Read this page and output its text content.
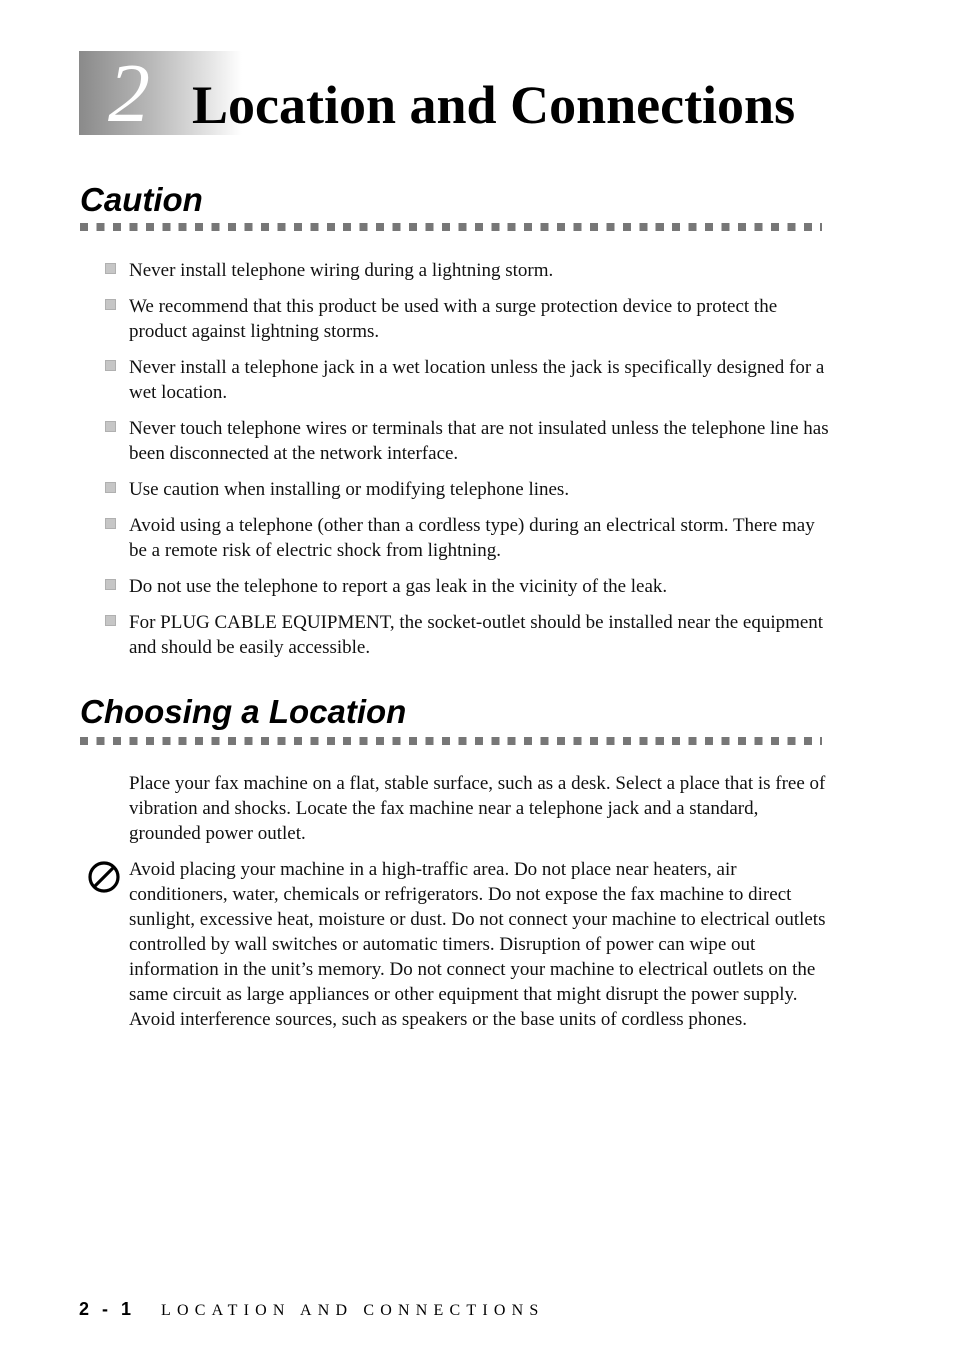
2 Location and Connections
Caution
Never install telephone wiring during a lightning storm.
We recommend that this product be used with a surge protection device to protect the product against lightning storms.
Never install a telephone jack in a wet location unless the jack is specifically designed for a wet location.
Never touch telephone wires or terminals that are not insulated unless the telephone line has been disconnected at the network interface.
Use caution when installing or modifying telephone lines.
Avoid using a telephone (other than a cordless type) during an electrical storm. There may be a remote risk of electric shock from lightning.
Do not use the telephone to report a gas leak in the vicinity of the leak.
For PLUG CABLE EQUIPMENT, the socket-outlet should be installed near the equipment and should be easily accessible.
Choosing a Location

Place your fax machine on a flat, stable surface, such as a desk. Select a place that is free of vibration and shocks. Locate the fax machine near a telephone jack and a standard, grounded power outlet.

Avoid placing your machine in a high-traffic area. Do not place near heaters, air conditioners, water, chemicals or refrigerators. Do not expose the fax machine to direct sunlight, excessive heat, moisture or dust. Do not connect your machine to electrical outlets controlled by wall switches or automatic timers. Disruption of power can wipe out information in the unit’s memory. Do not connect your machine to electrical outlets on the same circuit as large appliances or other equipment that might disrupt the power supply. Avoid interference sources, such as speakers or the base units of cordless phones.

2 - 1 LOCATION AND CONNECTIONS
